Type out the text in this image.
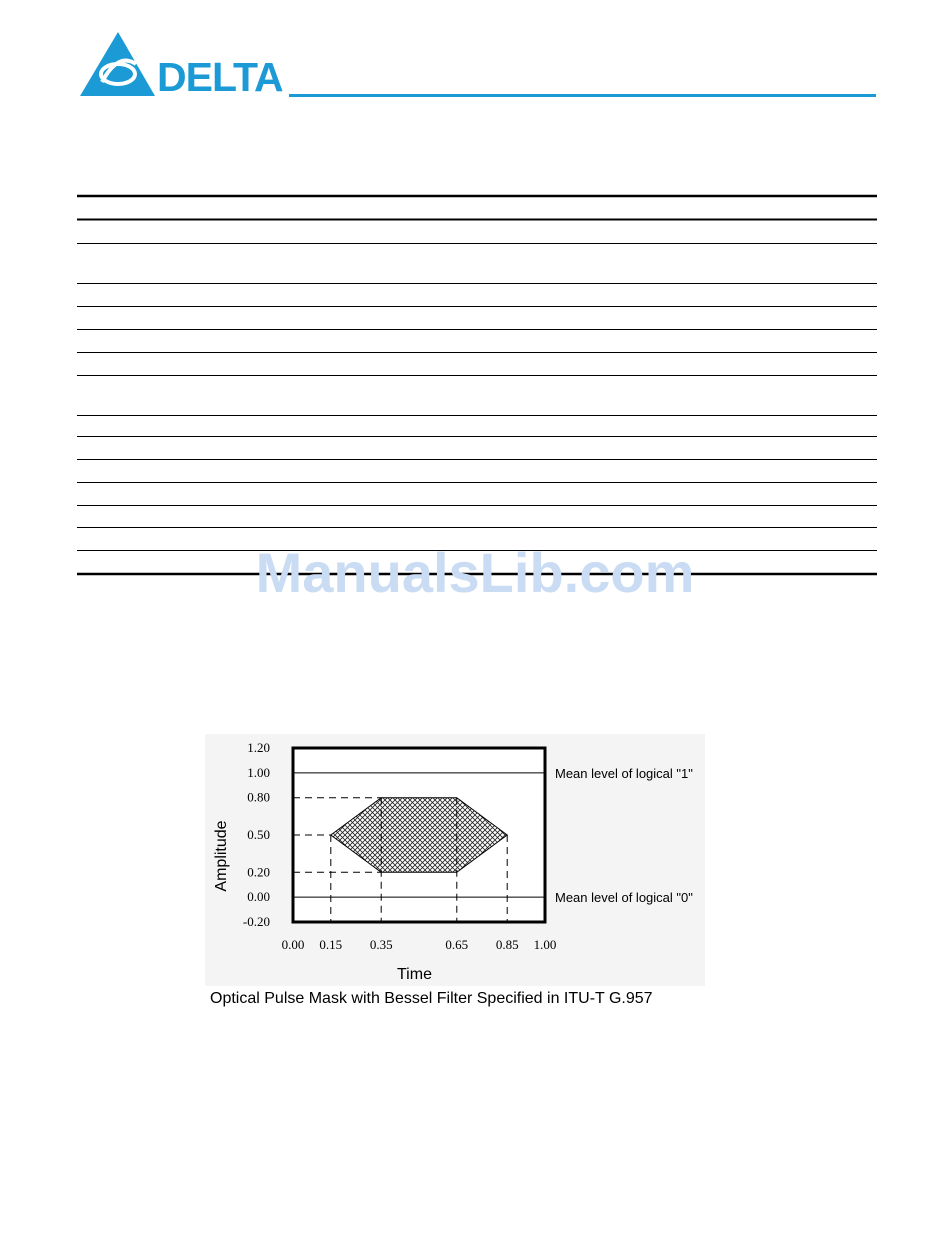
DELTA
ManualsLib.com
Mean level of logical "1"
Mean level of logical "0"
1.20
1.00
0.80
0.50
0.20
0.00
-0.20
0.00 0.15 0.35	0.65 0.85 1.00
Amplitude
Time
Optical Pulse Mask with Bessel Filter Specified in ITU-T G.957
